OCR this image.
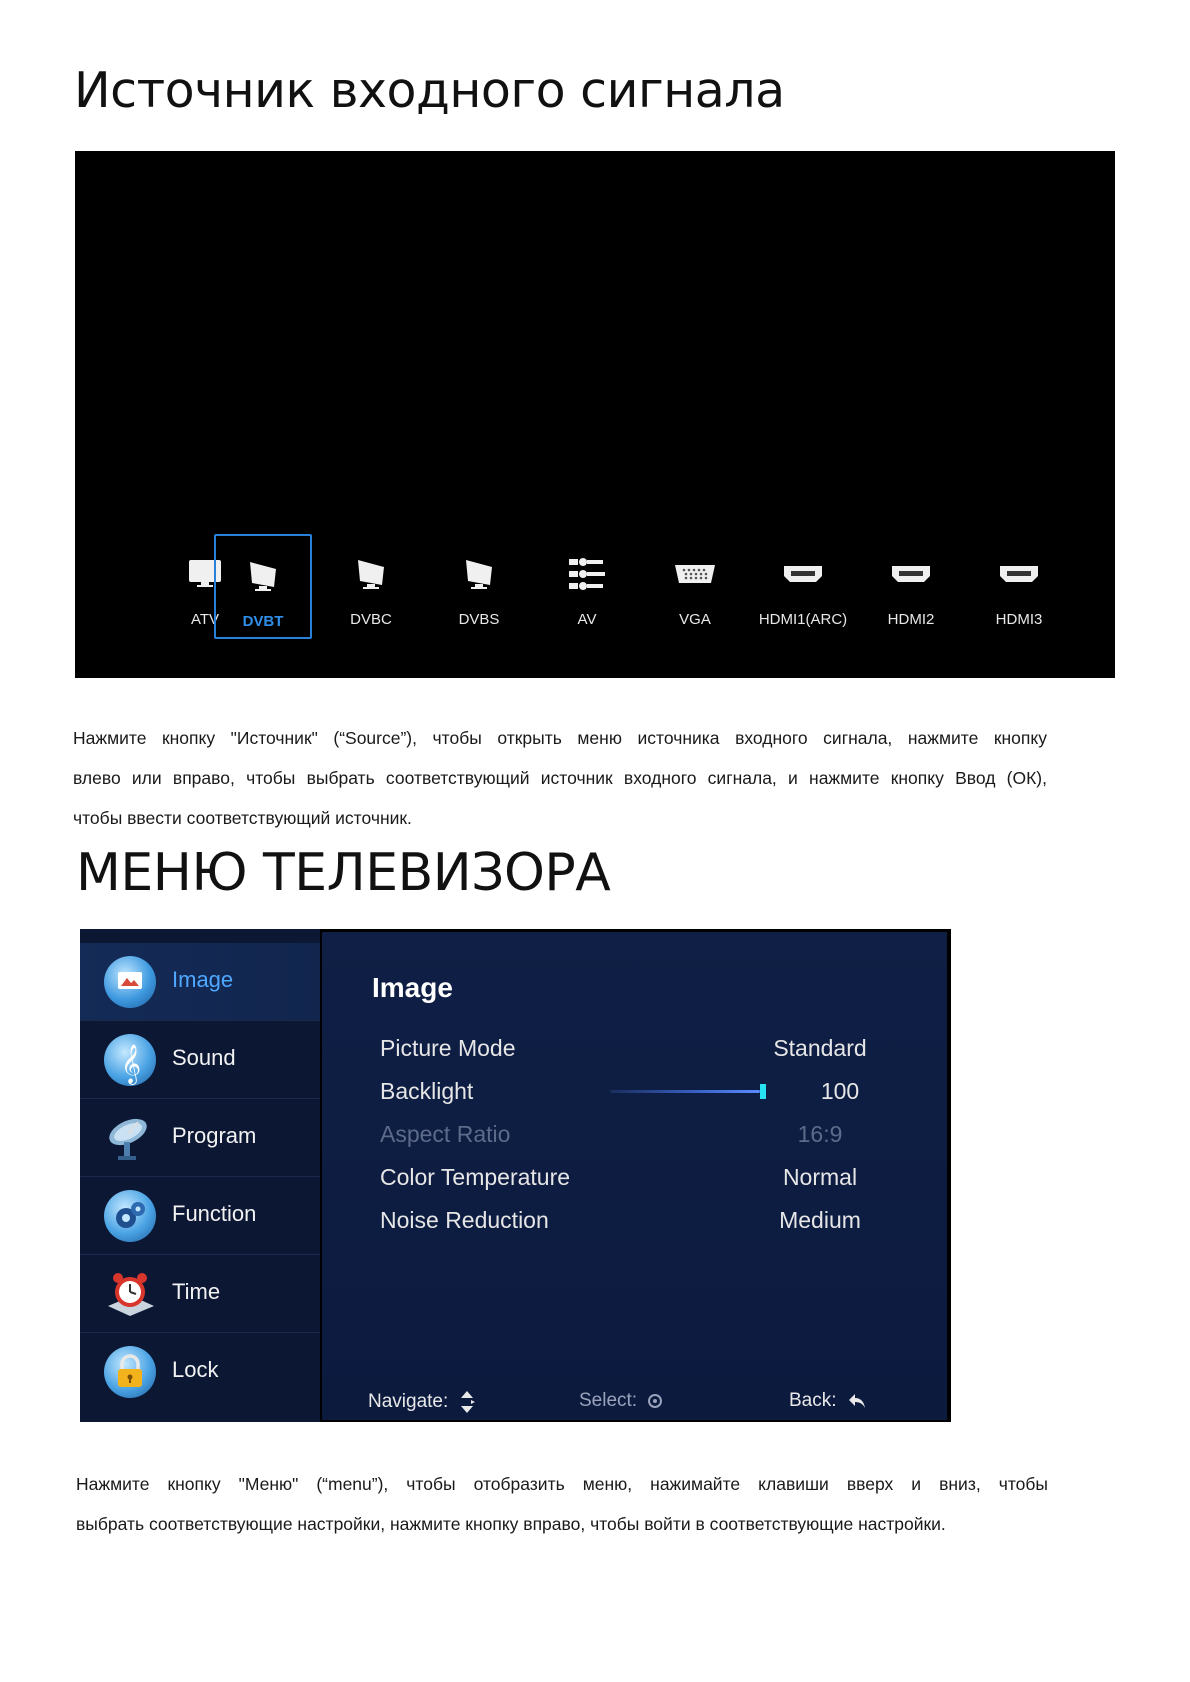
Источник входного сигнала
ATV	DVBT	DVBC	DVBS	AV	VGA	HDMI1(ARC)	HDMI2	HDMI3

Нажмите кнопку "Источник" (“Source”), чтобы открыть меню источника входного сигнала, нажмите кнопку
влево или вправо, чтобы выбрать соответствующий источник входного сигнала, и нажмите кнопку Ввод (ОК),
чтобы ввести соответствующий источник.

МЕНЮ ТЕЛЕВИЗОРА
Image
𝄞 Sound
Program
Function
Time
Lock
Image
Picture Mode	Standard
Backlight	100
Aspect Ratio	16:9
Color Temperature	Normal
Noise Reduction	Medium
Navigate:	Select:	Back:

Нажмите кнопку "Меню" (“menu”), чтобы отобразить меню, нажимайте клавиши вверх и вниз, чтобы
выбрать соответствующие настройки, нажмите кнопку вправо, чтобы войти в соответствующие настройки.
